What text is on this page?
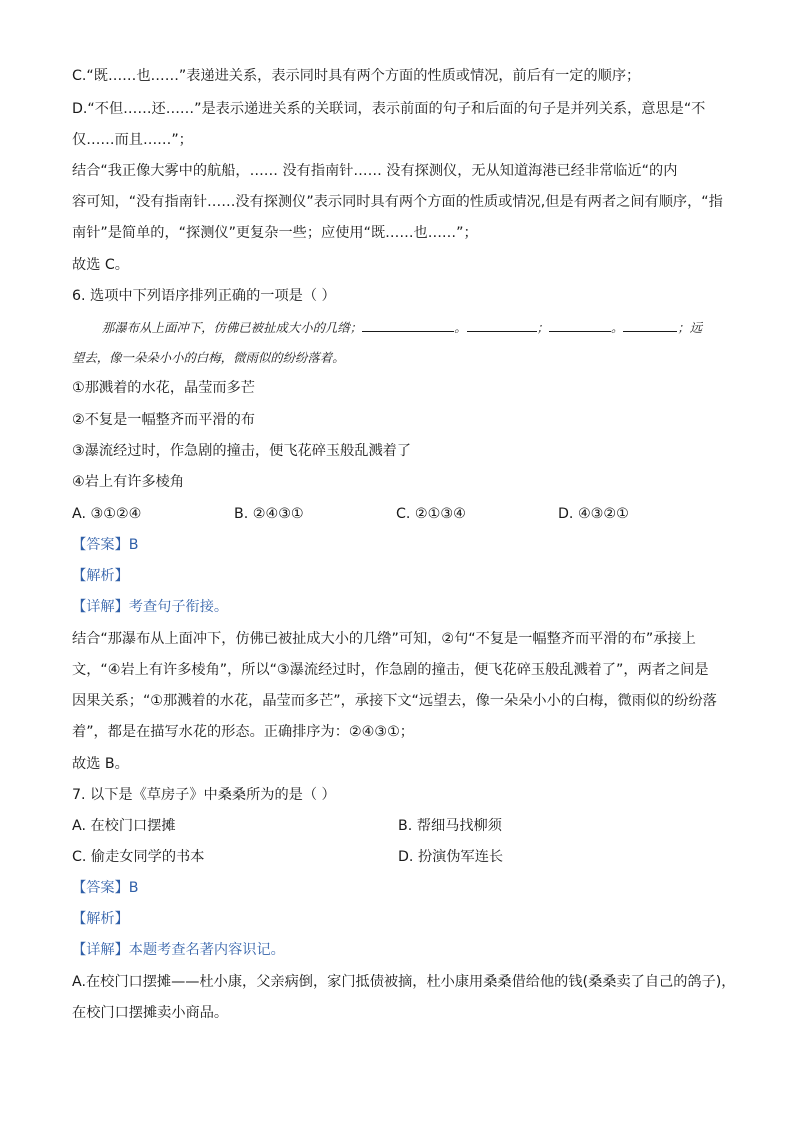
C.“既……也……”表递进关系，表示同时具有两个方面的性质或情况，前后有一定的顺序；
D.“不但……还……”是表示递进关系的关联词，表示前面的句子和后面的句子是并列关系，意思是“不
仅……而且……”；
结合“我正像大雾中的航船，…… 没有指南针…… 没有探测仪，无从知道海港已经非常临近“的内
容可知，“没有指南针……没有探测仪”表示同时具有两个方面的性质或情况,但是有两者之间有顺序，“指
南针”是简单的，“探测仪”更复杂一些；应使用“既……也……”；
故选 C。
6. 选项中下列语序排列正确的一项是（ ）
那瀑布从上面冲下，仿佛已被扯成大小的几绺；	。	；	。	；远
望去，像一朵朵小小的白梅，微雨似的纷纷落着。
①那溅着的水花，晶莹而多芒
②不复是一幅整齐而平滑的布
③瀑流经过时，作急剧的撞击，便飞花碎玉般乱溅着了
④岩上有许多棱角
A. ③①②④	B. ②④③①	C. ②①③④	D. ④③②①
【答案】B
【解析】
【详解】考查句子衔接。
结合“那瀑布从上面冲下，仿佛已被扯成大小的几绺”可知，②句“不复是一幅整齐而平滑的布”承接上
文，“④岩上有许多棱角”，所以“③瀑流经过时，作急剧的撞击，便飞花碎玉般乱溅着了”，两者之间是
因果关系；“①那溅着的水花，晶莹而多芒”，承接下文“远望去，像一朵朵小小的白梅，微雨似的纷纷落
着”，都是在描写水花的形态。正确排序为：②④③①；
故选 B。
7. 以下是《草房子》中桑桑所为的是（ ）
A. 在校门口摆摊	B. 帮细马找柳须
C. 偷走女同学的书本	D. 扮演伪军连长
【答案】B
【解析】
【详解】本题考查名著内容识记。
A.在校门口摆摊——杜小康，父亲病倒，家门抵债被摘，杜小康用桑桑借给他的钱(桑桑卖了自己的鸽子)，
在校门口摆摊卖小商品。
